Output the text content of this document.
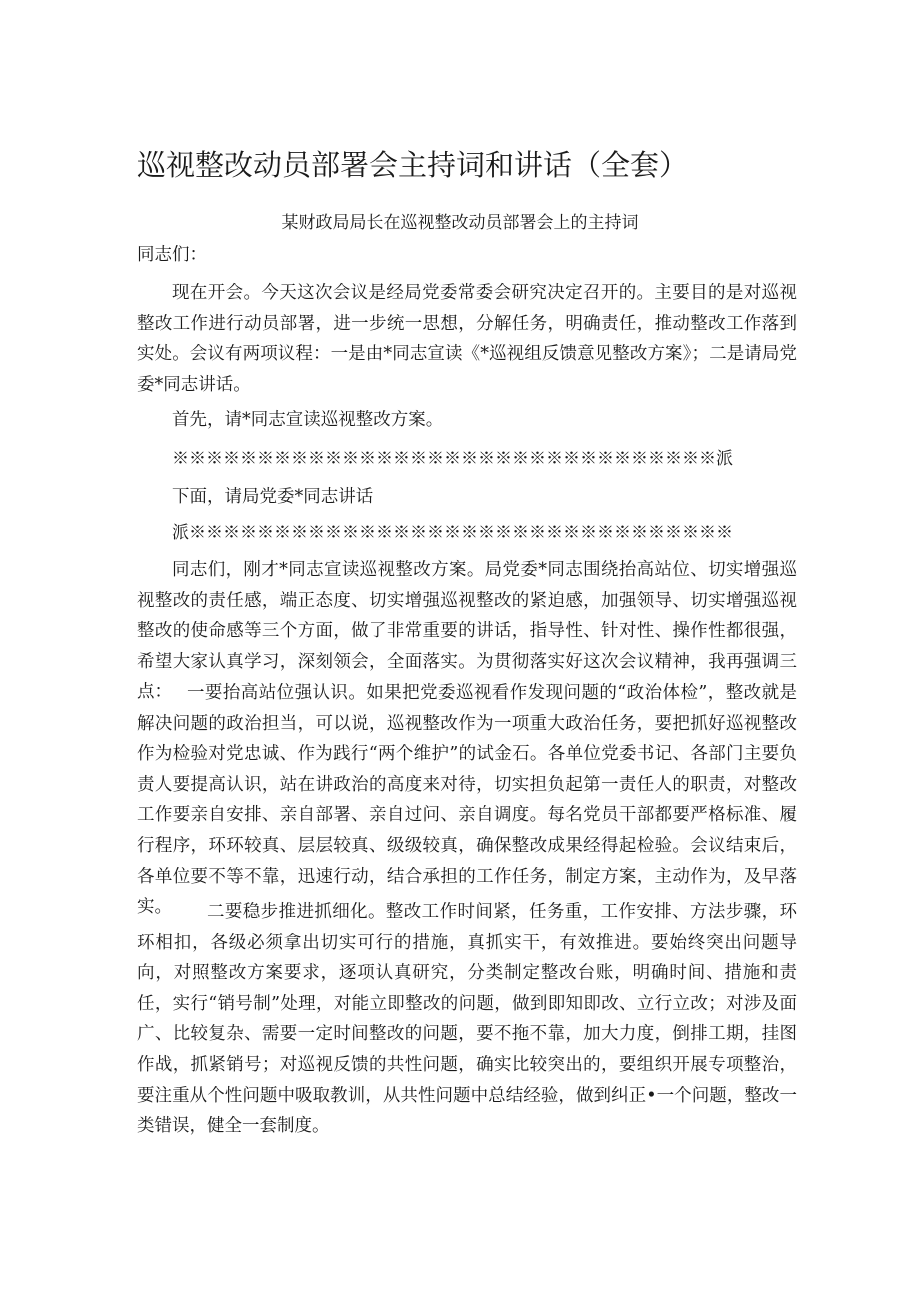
巡视整改动员部署会主持词和讲话（全套）
某财政局局长在巡视整改动员部署会上的主持词

同志们：

现在开会。今天这次会议是经局党委常委会研究决定召开的。主要目的是对巡视整改工作进行动员部署，进一步统一思想，分解任务，明确责任，推动整改工作落到实处。会议有两项议程：一是由*同志宣读《*巡视组反馈意见整改方案》；二是请局党委*同志讲话。

首先，请*同志宣读巡视整改方案。

※※※※※※※※※※※※※※※※※※※※※※※※※※※※※※※※派

下面，请局党委*同志讲话

派※※※※※※※※※※※※※※※※※※※※※※※※※※※※※※※※

同志们，刚才*同志宣读巡视整改方案。局党委*同志围绕抬高站位、切实增强巡视整改的责任感，端正态度、切实增强巡视整改的紧迫感，加强领导、切实增强巡视整改的使命感等三个方面，做了非常重要的讲话，指导性、针对性、操作性都很强，希望大家认真学习，深刻领会，全面落实。为贯彻落实好这次会议精神，我再强调三点： 一要抬高站位强认识。如果把党委巡视看作发现问题的“政治体检”，整改就是解决问题的政治担当，可以说，巡视整改作为一项重大政治任务，要把抓好巡视整改作为检验对党忠诚、作为践行“两个维护”的试金石。各单位党委书记、各部门主要负责人要提高认识，站在讲政治的高度来对待，切实担负起第一责任人的职责，对整改工作要亲自安排、亲自部署、亲自过问、亲自调度。每名党员干部都要严格标准、履行程序，环环较真、层层较真、级级较真，确保整改成果经得起检验。会议结束后，各单位要不等不靠，迅速行动，结合承担的工作任务，制定方案，主动作为，及早落实。	二要稳步推进抓细化。整改工作时间紧，任务重，工作安排、方法步骤，环环相扣，各级必须拿出切实可行的措施，真抓实干，有效推进。要始终突出问题导向，对照整改方案要求，逐项认真研究，分类制定整改台账，明确时间、措施和责任，实行“销号制”处理，对能立即整改的问题，做到即知即改、立行立改；对涉及面广、比较复杂、需要一定时间整改的问题，要不拖不靠，加大力度，倒排工期，挂图作战，抓紧销号；对巡视反馈的共性问题，确实比较突出的，要组织开展专项整治，要注重从个性问题中吸取教训，从共性问题中总结经验，做到纠正•一个问题，整改一类错误，健全一套制度。
